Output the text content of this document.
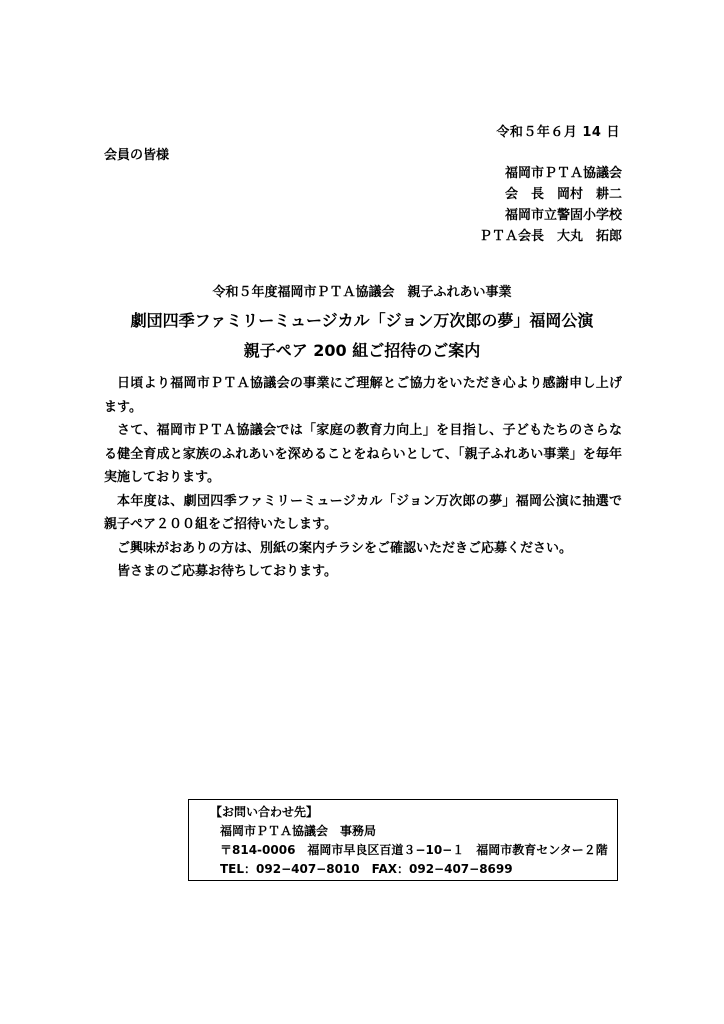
令和５年６月 14 日
会員の皆様
福岡市ＰＴＡ協議会
会　長　岡村　耕二
福岡市立警固小学校
ＰＴＡ会長　大丸　拓郎
令和５年度福岡市ＰＴＡ協議会　親子ふれあい事業
劇団四季ファミリーミュージカル「ジョン万次郎の夢」福岡公演
親子ペア 200 組ご招待のご案内

日頃より福岡市ＰＴＡ協議会の事業にご理解とご協力をいただき心より感謝申し上げます。

さて、福岡市ＰＴＡ協議会では「家庭の教育力向上」を目指し、子どもたちのさらなる健全育成と家族のふれあいを深めることをねらいとして、「親子ふれあい事業」を毎年実施しております。

本年度は、劇団四季ファミリーミュージカル「ジョン万次郎の夢」福岡公演に抽選で親子ペア２００組をご招待いたします。

ご興味がおありの方は、別紙の案内チラシをご確認いただきご応募ください。

皆さまのご応募お待ちしております。

【お問い合わせ先】
福岡市ＰＴＡ協議会　事務局
〒814-0006　福岡市早良区百道３−10−１　福岡市教育センター２階
TEL：092−407−8010　FAX：092−407−8699
